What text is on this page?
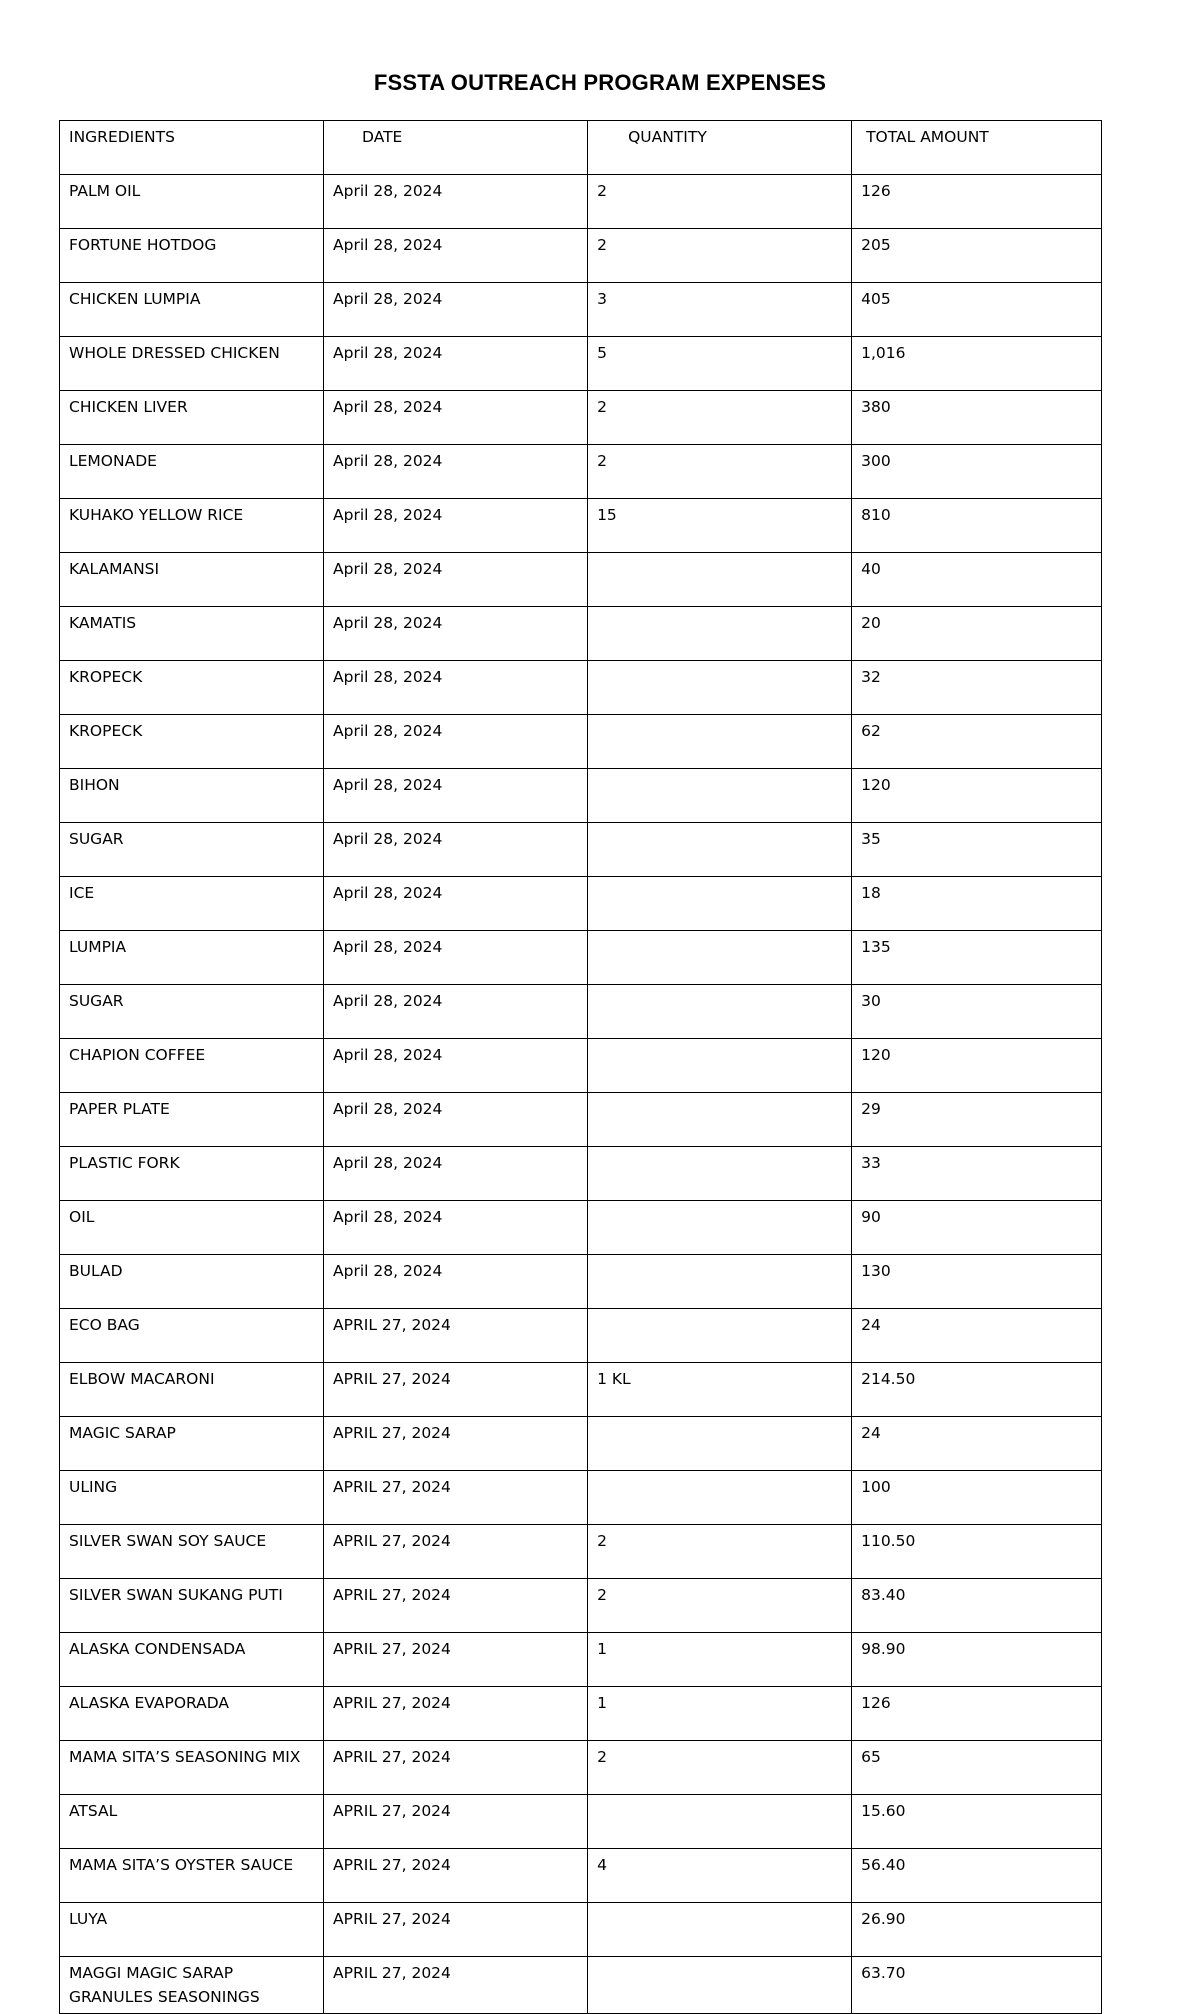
FSSTA OUTREACH PROGRAM EXPENSES
INGREDIENTS	DATE	QUANTITY	TOTAL AMOUNT
PALM OIL	April 28, 2024	2	126
FORTUNE HOTDOG	April 28, 2024	2	205
CHICKEN LUMPIA	April 28, 2024	3	405
WHOLE DRESSED CHICKEN	April 28, 2024	5	1,016
CHICKEN LIVER	April 28, 2024	2	380
LEMONADE	April 28, 2024	2	300
KUHAKO YELLOW RICE	April 28, 2024	15	810
KALAMANSI	April 28, 2024		40
KAMATIS	April 28, 2024		20
KROPECK	April 28, 2024		32
KROPECK	April 28, 2024		62
BIHON	April 28, 2024		120
SUGAR	April 28, 2024		35
ICE	April 28, 2024		18
LUMPIA	April 28, 2024		135
SUGAR	April 28, 2024		30
CHAPION COFFEE	April 28, 2024		120
PAPER PLATE	April 28, 2024		29
PLASTIC FORK	April 28, 2024		33
OIL	April 28, 2024		90
BULAD	April 28, 2024		130
ECO BAG	APRIL 27, 2024		24
ELBOW MACARONI	APRIL 27, 2024	1 KL	214.50
MAGIC SARAP	APRIL 27, 2024		24
ULING	APRIL 27, 2024		100
SILVER SWAN SOY SAUCE	APRIL 27, 2024	2	110.50
SILVER SWAN SUKANG PUTI	APRIL 27, 2024	2	83.40
ALASKA CONDENSADA	APRIL 27, 2024	1	98.90
ALASKA EVAPORADA	APRIL 27, 2024	1	126
MAMA SITA’S SEASONING MIX	APRIL 27, 2024	2	65
ATSAL	APRIL 27, 2024		15.60
MAMA SITA’S OYSTER SAUCE	APRIL 27, 2024	4	56.40
LUYA	APRIL 27, 2024		26.90
MAGGI MAGIC SARAP GRANULES SEASONINGS	APRIL 27, 2024		63.70
